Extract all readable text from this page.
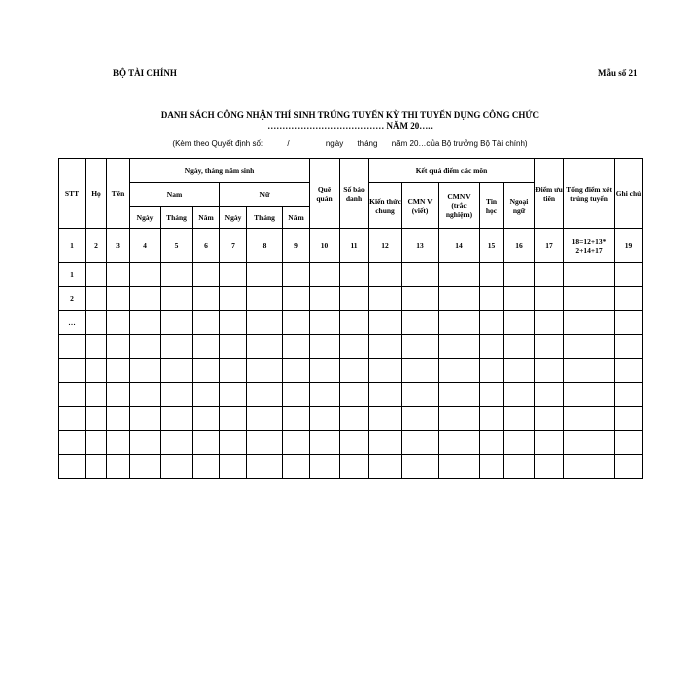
BỘ TÀI CHÍNH	Mẫu số 21
DANH SÁCH CÔNG NHẬN THÍ SINH TRÚNG TUYỂN KỲ THI TUYỂN DỤNG CÔNG CHỨC
………………………………… NĂM 20…..
(Kèm theo Quyết định số:	/	ngày tháng năm 20…của Bộ trưởng Bộ Tài chính)
STT	Họ	Tên	Ngày, tháng năm sinh						Quê quán	Số báo danh	Kết quả điểm các môn					Điểm ưu tiên	Tổng điểm xét trúng tuyển	Ghi chú
			Nam			Nữ					Kiến thức chung	CMN V (viết)	CMNV (trắc nghiệm)	Tin học	Ngoại ngữ			
			Ngày	Tháng	Năm	Ngày	Tháng	Năm										
1	2	3	4	5	6	7	8	9	10	11	12	13	14	15	16	17	18=12+13* 2+14+17	19
1																		
2																		
…																		
